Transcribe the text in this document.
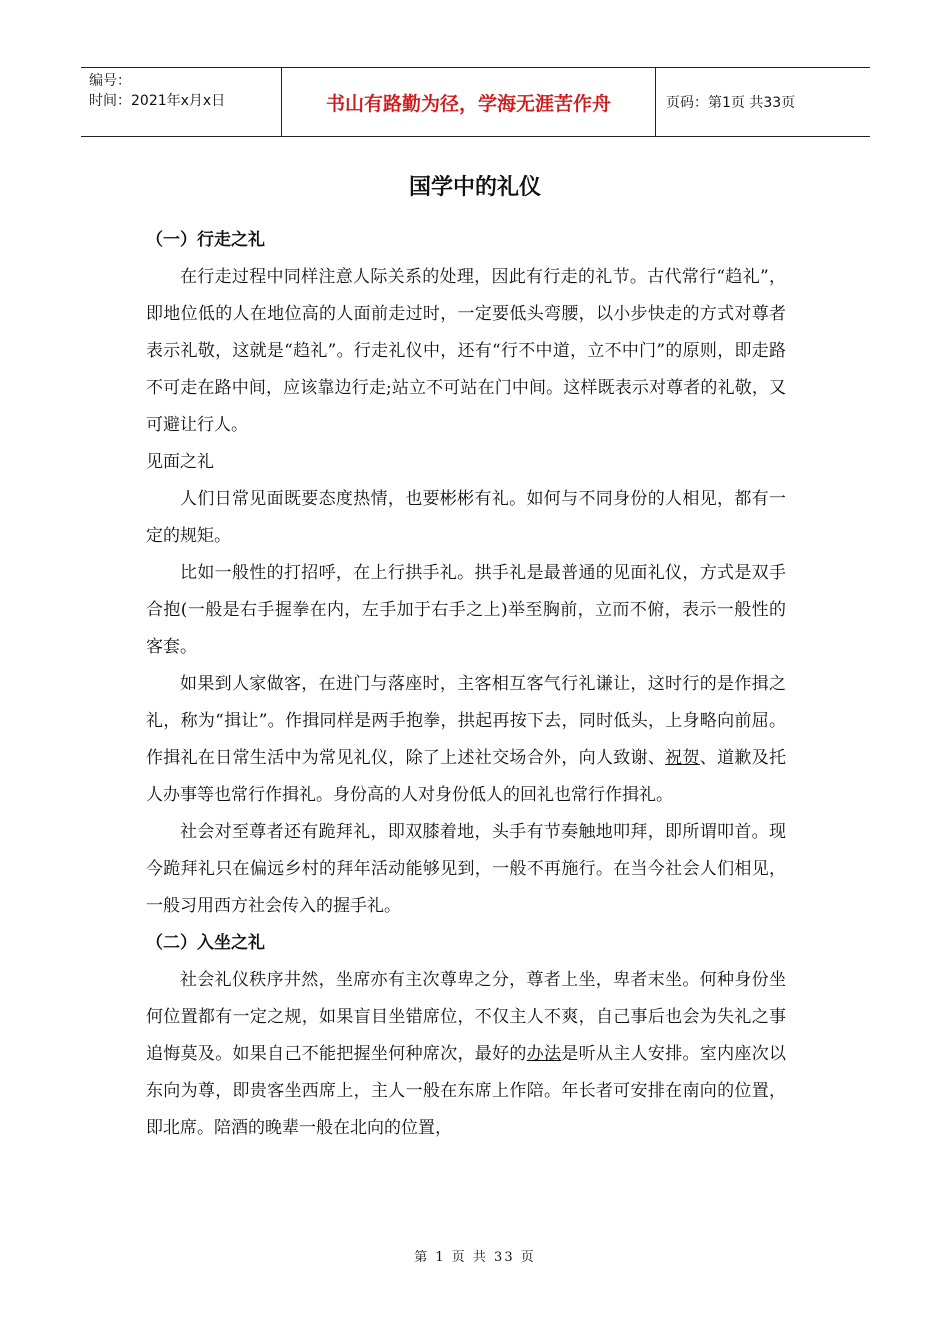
编号：
时间：2021年x月x日	书山有路勤为径，学海无涯苦作舟	页码：第1页 共33页
国学中的礼仪
（一）行走之礼

在行走过程中同样注意人际关系的处理，因此有行走的礼节。古代常行“趋礼”，即地位低的人在地位高的人面前走过时，一定要低头弯腰，以小步快走的方式对尊者表示礼敬，这就是“趋礼”。行走礼仪中，还有“行不中道，立不中门”的原则，即走路不可走在路中间，应该靠边行走;站立不可站在门中间。这样既表示对尊者的礼敬，又可避让行人。

见面之礼

人们日常见面既要态度热情，也要彬彬有礼。如何与不同身份的人相见，都有一定的规矩。

比如一般性的打招呼，在上行拱手礼。拱手礼是最普通的见面礼仪，方式是双手合抱(一般是右手握拳在内，左手加于右手之上)举至胸前，立而不俯，表示一般性的客套。

如果到人家做客，在进门与落座时，主客相互客气行礼谦让，这时行的是作揖之礼，称为“揖让”。作揖同样是两手抱拳，拱起再按下去，同时低头，上身略向前屈。作揖礼在日常生活中为常见礼仪，除了上述社交场合外，向人致谢、祝贺、道歉及托人办事等也常行作揖礼。身份高的人对身份低人的回礼也常行作揖礼。

社会对至尊者还有跪拜礼，即双膝着地，头手有节奏触地叩拜，即所谓叩首。现今跪拜礼只在偏远乡村的拜年活动能够见到，一般不再施行。在当今社会人们相见，一般习用西方社会传入的握手礼。

（二）入坐之礼

社会礼仪秩序井然，坐席亦有主次尊卑之分，尊者上坐，卑者末坐。何种身份坐何位置都有一定之规，如果盲目坐错席位，不仅主人不爽，自己事后也会为失礼之事追悔莫及。如果自己不能把握坐何种席次，最好的办法是听从主人安排。室内座次以东向为尊，即贵客坐西席上，主人一般在东席上作陪。年长者可安排在南向的位置，即北席。陪酒的晚辈一般在北向的位置，

第 1 页 共 33 页
